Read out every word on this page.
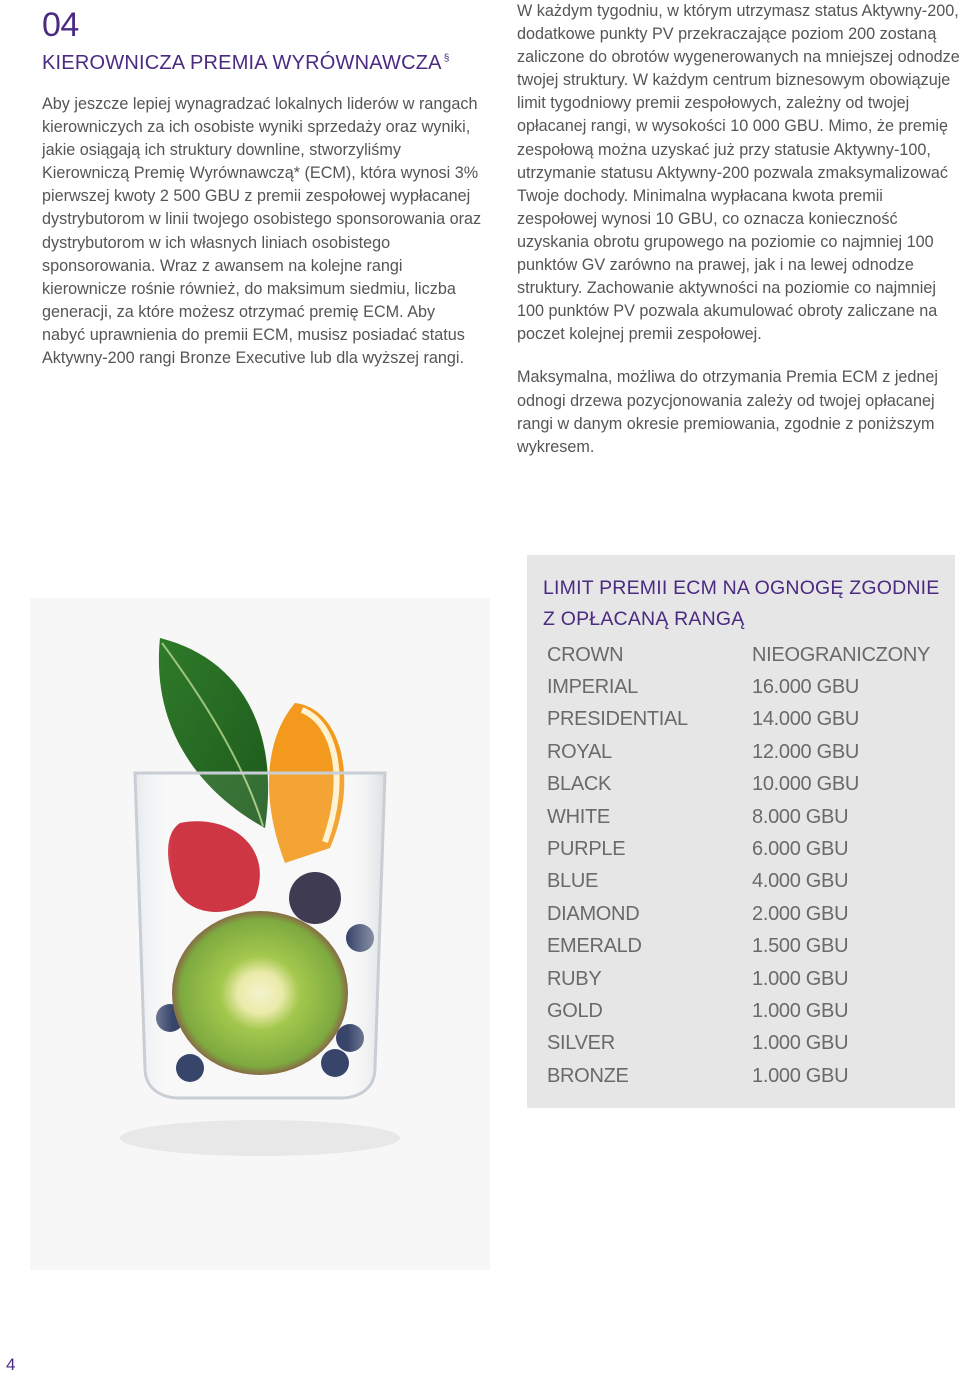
04
KIEROWNICZA PREMIA WYRÓWNAWCZA §

Aby jeszcze lepiej wynagradzać lokalnych liderów w rangach kierowniczych za ich osobiste wyniki sprzedaży oraz wyniki, jakie osiągają ich struktury downline, stworzyliśmy Kierowniczą Premię Wyrównawczą* (ECM), która wynosi 3% pierwszej kwoty 2 500 GBU z premii zespołowej wypłacanej dystrybutorom w linii twojego osobistego sponsorowania oraz dystrybutorom w ich własnych liniach osobistego sponsorowania. Wraz z awansem na kolejne rangi kierownicze rośnie również, do maksimum siedmiu, liczba generacji, za które możesz otrzymać premię ECM. Aby nabyć uprawnienia do premii ECM, musisz posiadać status Aktywny-200 rangi Bronze Executive lub dla wyższej rangi.

W każdym tygodniu, w którym utrzymasz status Aktywny-200, dodatkowe punkty PV przekraczające poziom 200 zostaną zaliczone do obrotów wygenerowanych na mniejszej odnodze twojej struktury. W każdym centrum biznesowym obowiązuje limit tygodniowy premii zespołowych, zależny od twojej opłacanej rangi, w wysokości 10 000 GBU. Mimo, że premię zespołową można uzyskać już przy statusie Aktywny-100, utrzymanie statusu Aktywny-200 pozwala zmaksymalizować Twoje dochody. Minimalna wypłacana kwota premii zespołowej wynosi 10 GBU, co oznacza konieczność uzyskania obrotu grupowego na poziomie co najmniej 100 punktów GV zarówno na prawej, jak i na lewej odnodze struktury. Zachowanie aktywności na poziomie co najmniej 100 punktów PV pozwala akumulować obroty zaliczane na poczet kolejnej premii zespołowej.

Maksymalna, możliwa do otrzymania Premia ECM z jednej odnogi drzewa pozycjonowania zależy od twojej opłacanej rangi w danym okresie premiowania, zgodnie z poniższym wykresem.

LIMIT PREMII ECM NA OGNOGĘ ZGODNIE Z OPŁACANĄ RANGĄ
CROWN	NIEOGRANICZONY
IMPERIAL	16.000 GBU
PRESIDENTIAL	14.000 GBU
ROYAL	12.000 GBU
BLACK	10.000 GBU
WHITE	8.000 GBU
PURPLE	6.000 GBU
BLUE	4.000 GBU
DIAMOND	2.000 GBU
EMERALD	1.500 GBU
RUBY	1.000 GBU
GOLD	1.000 GBU
SILVER	1.000 GBU
BRONZE	1.000 GBU
4
